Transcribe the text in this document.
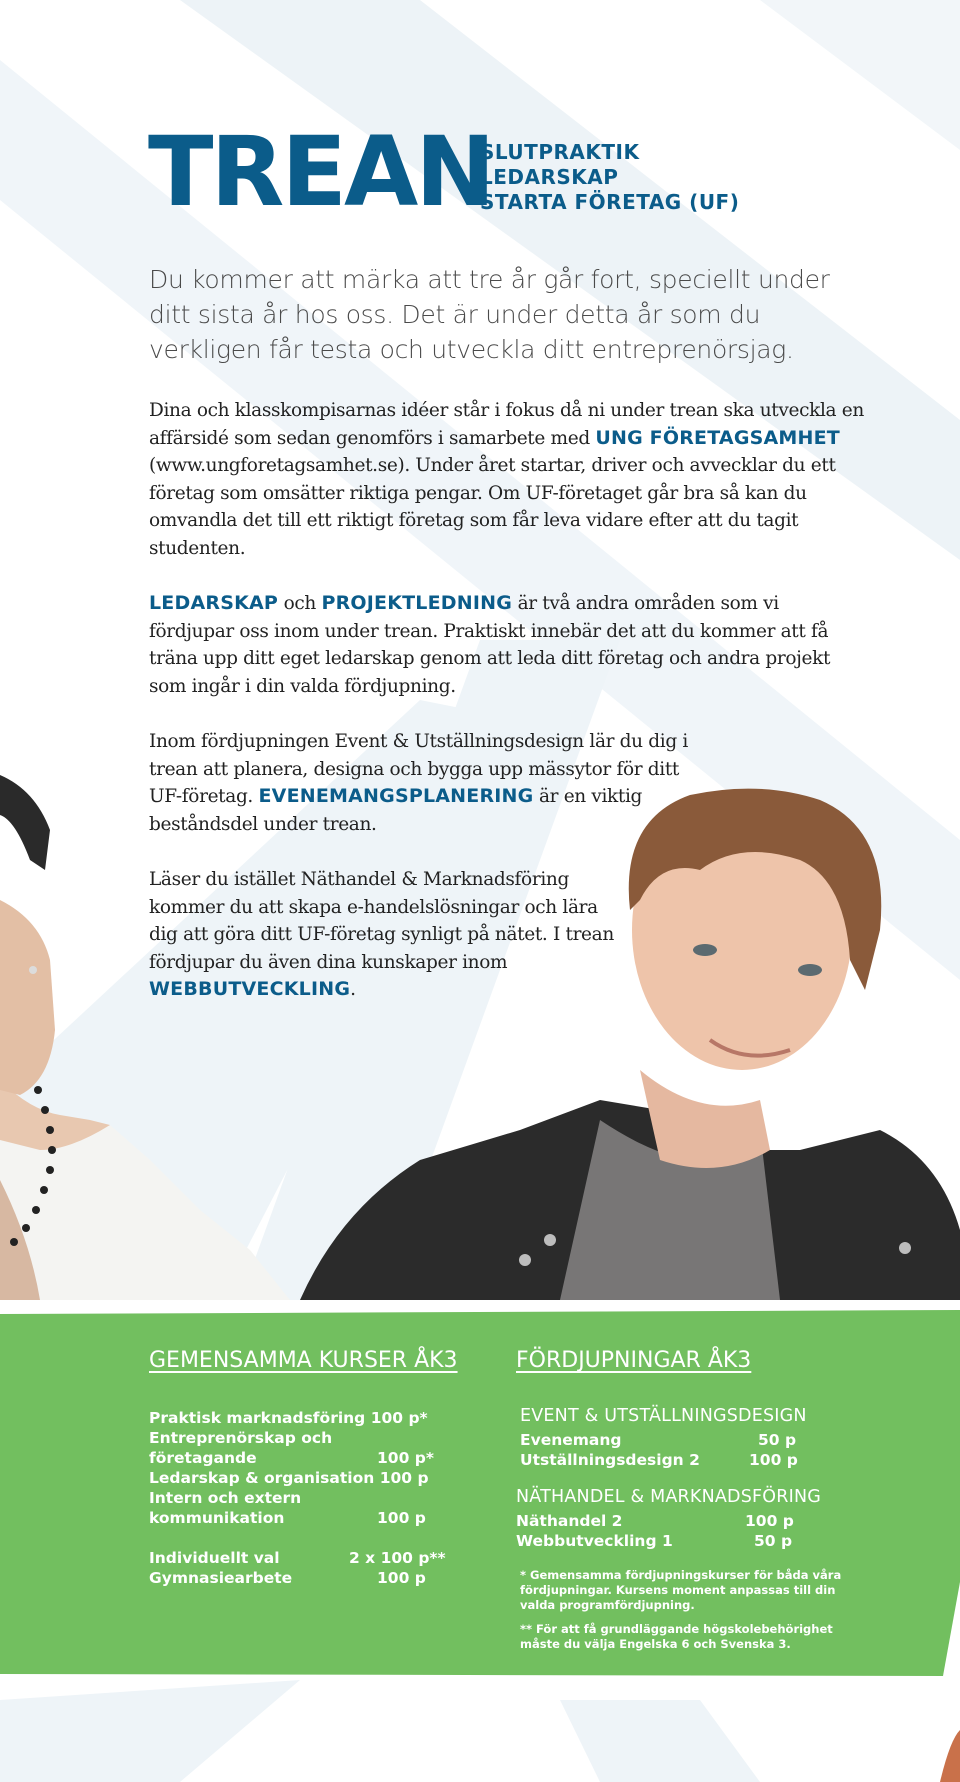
TREAN
SLUTPRAKTIK
LEDARSKAP
STARTA FÖRETAG (UF)
Du kommer att märka att tre år går fort, speciellt under ditt sista år hos oss. Det är under detta år som du verkligen får testa och utveckla ditt entreprenörsjag.
Dina och klasskompisarnas idéer står i fokus då ni under trean ska utveckla en affärsidé som sedan genomförs i samarbete med UNG FÖRETAGSAMHET (www.ungforetagsamhet.se). Under året startar, driver och avvecklar du ett företag som omsätter riktiga pengar. Om UF-företaget går bra så kan du omvandla det till ett riktigt företag som får leva vidare efter att du tagit studenten.
LEDARSKAP och PROJEKTLEDNING är två andra områden som vi fördjupar oss inom under trean. Praktiskt innebär det att du kommer att få träna upp ditt eget ledarskap genom att leda ditt företag och andra projekt som ingår i din valda fördjupning.
Inom fördjupningen Event & Utställningsdesign lär du dig i trean att planera, designa och bygga upp mässytor för ditt UF-företag. EVENEMANGSPLANERING är en viktig beståndsdel under trean.
Läser du istället Näthandel & Marknadsföring kommer du att skapa e-handelslösningar och lära dig att göra ditt UF-företag synligt på nätet. I trean fördjupar du även dina kunskaper inom WEBBUTVECKLING.
GEMENSAMMA KURSER ÅK3
Praktisk marknadsföring 100 p*
Entreprenörskap och
företagande	100 p*
Ledarskap & organisation 100 p
Intern och extern
kommunikation	100 p
Individuellt val	2 x 100 p**
Gymnasiearbete	100 p
FÖRDJUPNINGAR ÅK3
EVENT & UTSTÄLLNINGSDESIGN
Evenemang	50 p
Utställningsdesign 2	100 p
NÄTHANDEL & MARKNADSFÖRING
Näthandel 2	100 p
Webbutveckling 1	50 p
* Gemensamma fördjupningskurser för båda våra fördjupningar. Kursens moment anpassas till din valda programfördjupning.
** För att få grundläggande högskolebehörighet måste du välja Engelska 6 och Svenska 3.
